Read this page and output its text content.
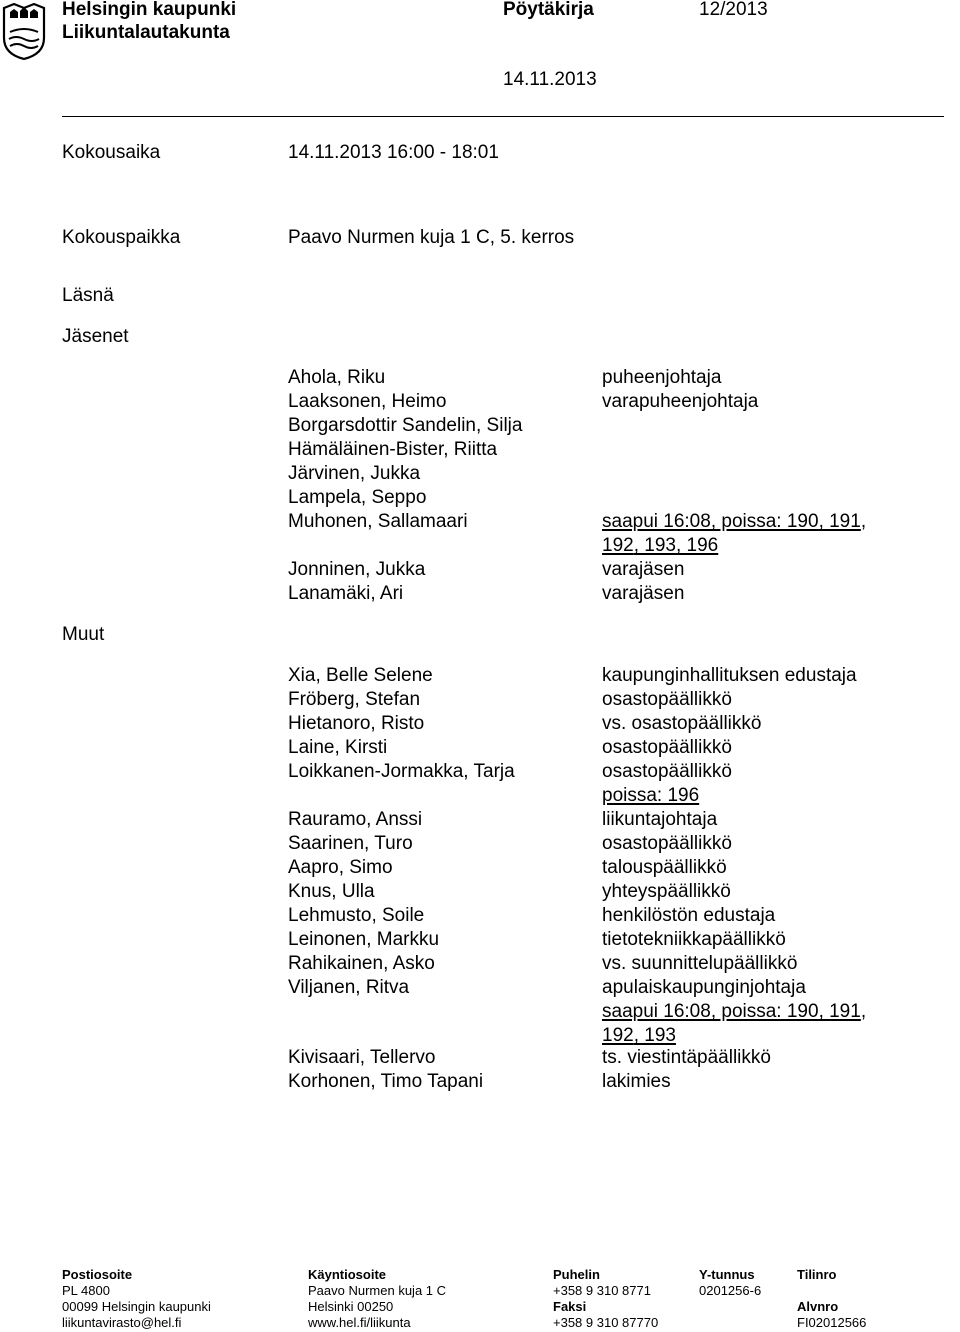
Helsingin kaupunki
Liikuntalautakunta
Pöytäkirja	12/2013
14.11.2013
Kokousaika	14.11.2013 16:00 - 18:01
Kokouspaikka	Paavo Nurmen kuja 1 C, 5. kerros
Läsnä
Jäsenet
Ahola, Riku	puheenjohtaja
Laaksonen, Heimo	varapuheenjohtaja
Borgarsdottir Sandelin, Silja
Hämäläinen-Bister, Riitta
Järvinen, Jukka
Lampela, Seppo
Muhonen, Sallamaari	saapui 16:08, poissa: 190, 191,
192, 193, 196
Jonninen, Jukka	varajäsen
Lanamäki, Ari	varajäsen
Muut
Xia, Belle Selene	kaupunginhallituksen edustaja
Fröberg, Stefan	osastopäällikkö
Hietanoro, Risto	vs. osastopäällikkö
Laine, Kirsti	osastopäällikkö
Loikkanen-Jormakka, Tarja	osastopäällikkö
poissa: 196
Rauramo, Anssi	liikuntajohtaja
Saarinen, Turo	osastopäällikkö
Aapro, Simo	talouspäällikkö
Knus, Ulla	yhteyspäällikkö
Lehmusto, Soile	henkilöstön edustaja
Leinonen, Markku	tietotekniikkapäällikkö
Rahikainen, Asko	vs. suunnittelupäällikkö
Viljanen, Ritva	apulaiskaupunginjohtaja
saapui 16:08, poissa: 190, 191,
192, 193
Kivisaari, Tellervo	ts. viestintäpäällikkö
Korhonen, Timo Tapani	lakimies
Postiosoite
PL 4800
00099 Helsingin kaupunki
liikuntavirasto@hel.fi
Käyntiosoite
Paavo Nurmen kuja 1 C
Helsinki 00250
www.hel.fi/liikunta
Puhelin
+358 9 310 8771
Faksi
+358 9 310 87770
Y-tunnus
0201256-6
Tilinro
Alvnro
FI02012566
